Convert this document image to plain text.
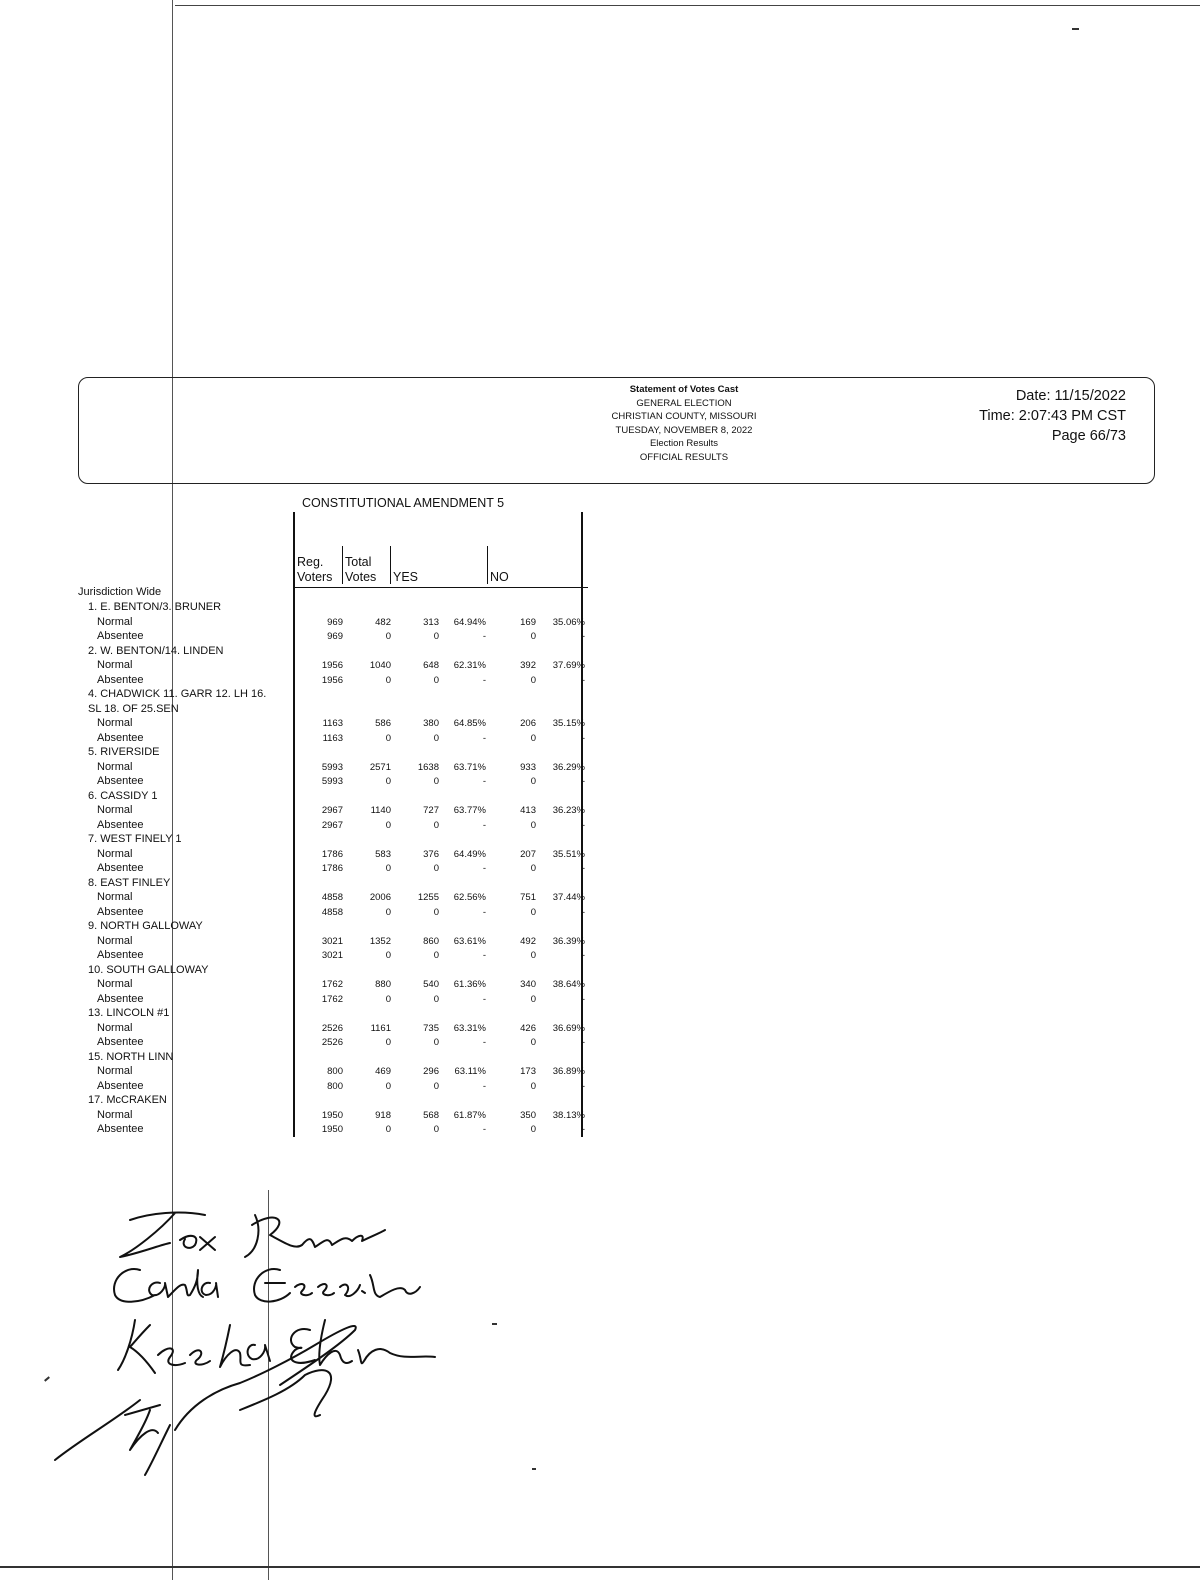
Statement of Votes Cast
GENERAL ELECTION
CHRISTIAN COUNTY, MISSOURI
TUESDAY, NOVEMBER 8, 2022
Election Results
OFFICIAL RESULTS
Date: 11/15/2022
Time: 2:07:43 PM CST
Page 66/73
CONSTITUTIONAL AMENDMENT 5
Reg.
Voters
Total
Votes YES	NO
Jurisdiction Wide
1. E. BENTON/3. BRUNER
Normal	969	482	313	64.94%	169	35.06%
Absentee	969	0	0	-	0	-
2. W. BENTON/14. LINDEN
Normal	1956	1040	648	62.31%	392	37.69%
Absentee	1956	0	0	-	0	-
4. CHADWICK 11. GARR 12. LH 16.
SL 18. OF 25.SEN
Normal	1163	586	380	64.85%	206	35.15%
Absentee	1163	0	0	-	0	-
5. RIVERSIDE
Normal	5993	2571	1638	63.71%	933	36.29%
Absentee	5993	0	0	-	0	-
6. CASSIDY 1
Normal	2967	1140	727	63.77%	413	36.23%
Absentee	2967	0	0	-	0	-
7. WEST FINELY 1
Normal	1786	583	376	64.49%	207	35.51%
Absentee	1786	0	0	-	0	-
8. EAST FINLEY
Normal	4858	2006	1255	62.56%	751	37.44%
Absentee	4858	0	0	-	0	-
9. NORTH GALLOWAY
Normal	3021	1352	860	63.61%	492	36.39%
Absentee	3021	0	0	-	0	-
10. SOUTH GALLOWAY
Normal	1762	880	540	61.36%	340	38.64%
Absentee	1762	0	0	-	0	-
13. LINCOLN #1
Normal	2526	1161	735	63.31%	426	36.69%
Absentee	2526	0	0	-	0	-
15. NORTH LINN
Normal	800	469	296	63.11%	173	36.89%
Absentee	800	0	0	-	0	-
17. McCRAKEN
Normal	1950	918	568	61.87%	350	38.13%
Absentee	1950	0	0	-	0	-
